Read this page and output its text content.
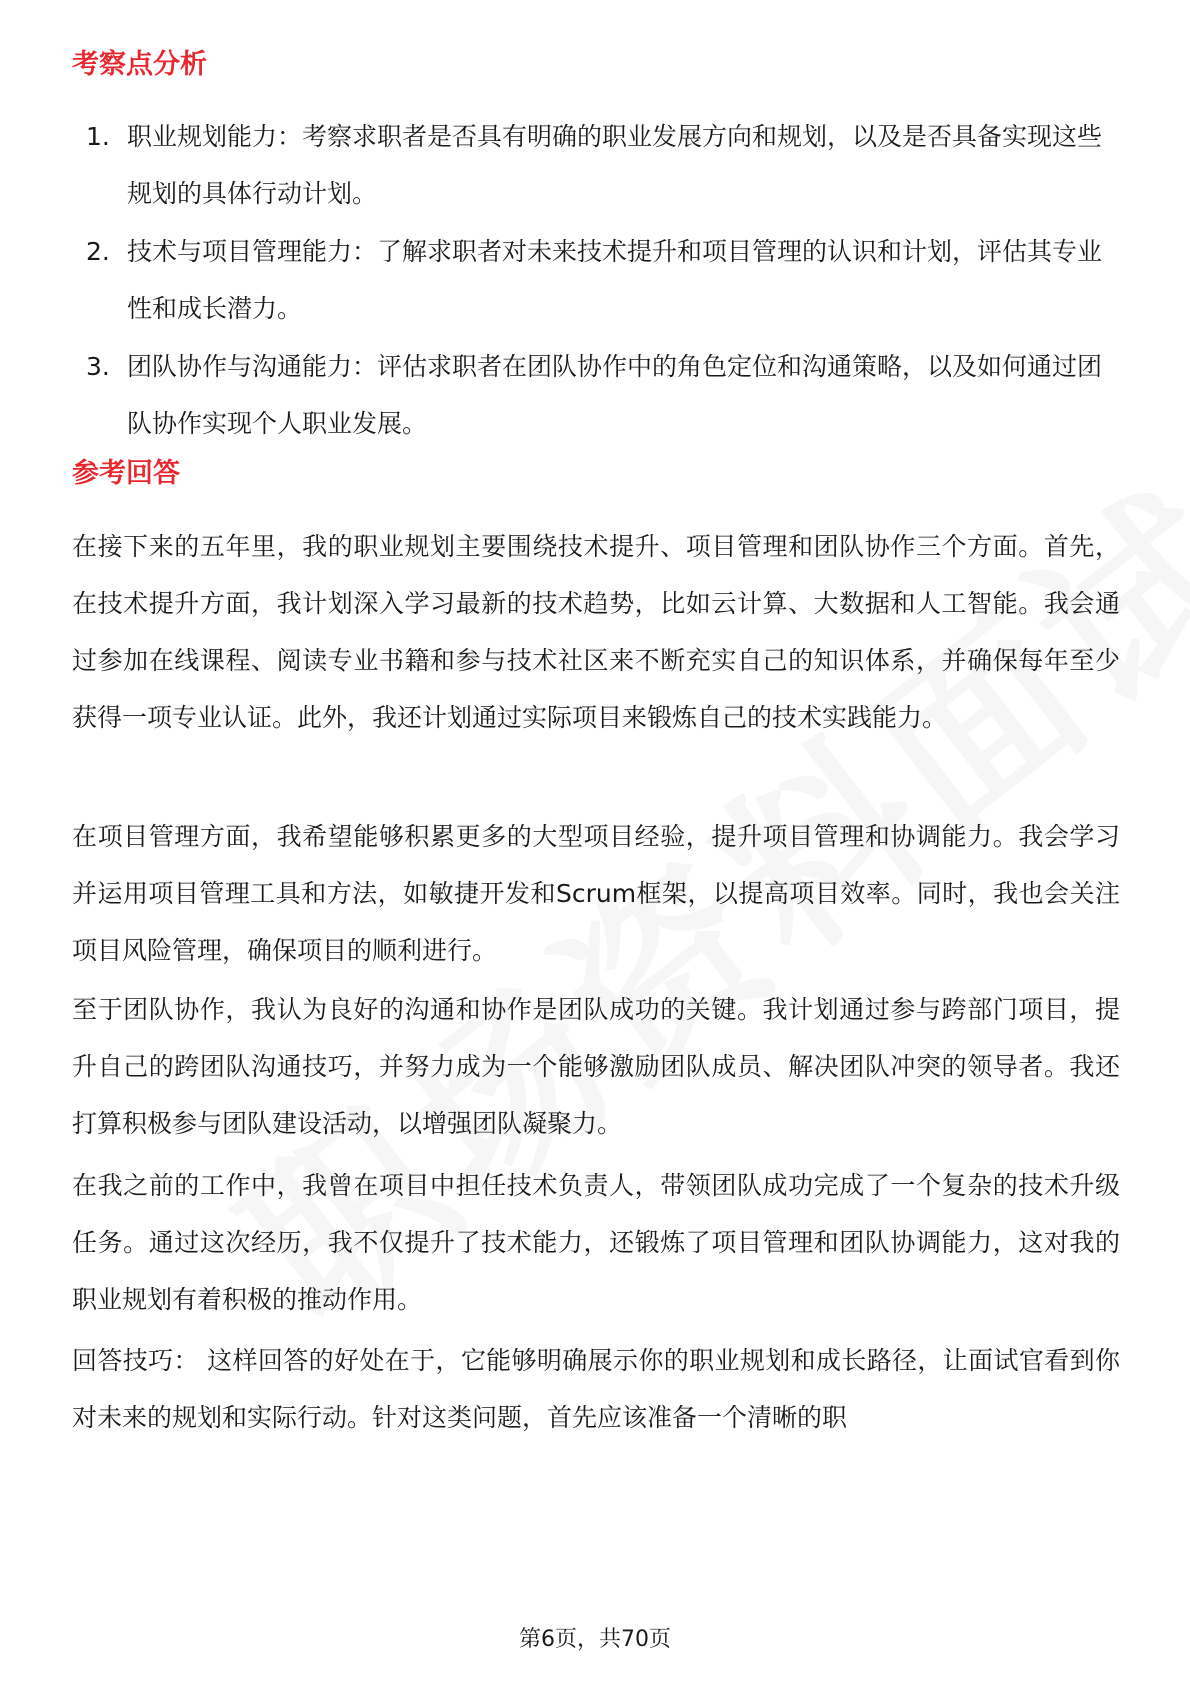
考察点分析
1. 职业规划能力：考察求职者是否具有明确的职业发展方向和规划，以及是否具备实现这些规划的具体行动计划。
2. 技术与项目管理能力：了解求职者对未来技术提升和项目管理的认识和计划，评估其专业性和成长潜力。
3. 团队协作与沟通能力：评估求职者在团队协作中的角色定位和沟通策略，以及如何通过团队协作实现个人职业发展。
参考回答

在接下来的五年里，我的职业规划主要围绕技术提升、项目管理和团队协作三个方面。首先，在技术提升方面，我计划深入学习最新的技术趋势，比如云计算、大数据和人工智能。我会通过参加在线课程、阅读专业书籍和参与技术社区来不断充实自己的知识体系，并确保每年至少获得一项专业认证。此外，我还计划通过实际项目来锻炼自己的技术实践能力。

在项目管理方面，我希望能够积累更多的大型项目经验，提升项目管理和协调能力。我会学习并运用项目管理工具和方法，如敏捷开发和Scrum框架，以提高项目效率。同时，我也会关注项目风险管理，确保项目的顺利进行。

至于团队协作，我认为良好的沟通和协作是团队成功的关键。我计划通过参与跨部门项目，提升自己的跨团队沟通技巧，并努力成为一个能够激励团队成员、解决团队冲突的领导者。我还打算积极参与团队建设活动，以增强团队凝聚力。

在我之前的工作中，我曾在项目中担任技术负责人，带领团队成功完成了一个复杂的技术升级任务。通过这次经历，我不仅提升了技术能力，还锻炼了项目管理和团队协调能力，这对我的职业规划有着积极的推动作用。

回答技巧： 这样回答的好处在于，它能够明确展示你的职业规划和成长路径，让面试官看到你对未来的规划和实际行动。针对这类问题，首先应该准备一个清晰的职

第6页，共70页
